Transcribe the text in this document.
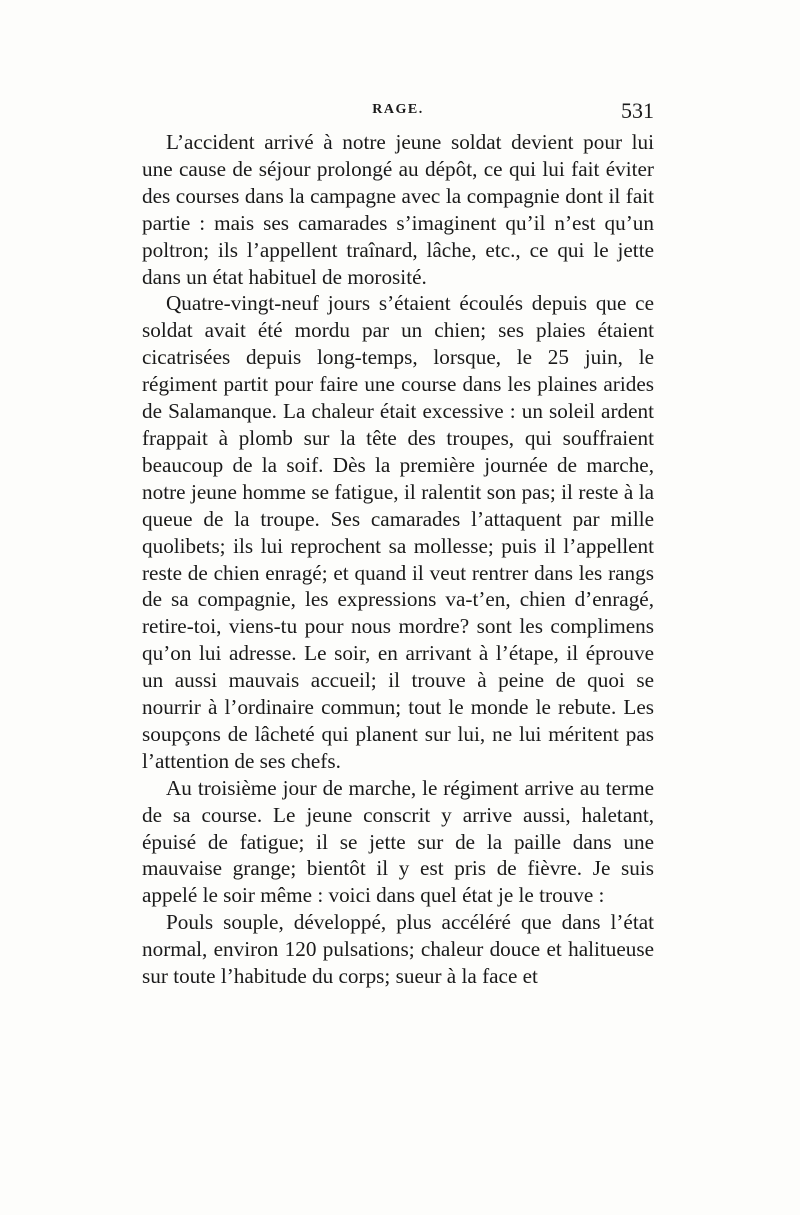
RAGE.	531

L’accident arrivé à notre jeune soldat devient pour lui une cause de séjour prolongé au dépôt, ce qui lui fait éviter des courses dans la campagne avec la compagnie dont il fait partie : mais ses camarades s’imaginent qu’il n’est qu’un poltron; ils l’appellent traînard, lâche, etc., ce qui le jette dans un état habituel de morosité.

Quatre-vingt-neuf jours s’étaient écoulés depuis que ce soldat avait été mordu par un chien; ses plaies étaient cicatrisées depuis long-temps, lorsque, le 25 juin, le régiment partit pour faire une course dans les plaines arides de Salamanque. La chaleur était excessive : un soleil ardent frappait à plomb sur la tête des troupes, qui souffraient beaucoup de la soif. Dès la première journée de marche, notre jeune homme se fatigue, il ralentit son pas; il reste à la queue de la troupe. Ses camarades l’attaquent par mille quolibets; ils lui reprochent sa mollesse; puis il l’appellent reste de chien enragé; et quand il veut rentrer dans les rangs de sa compagnie, les expressions va-t’en, chien d’enragé, retire-toi, viens-tu pour nous mordre? sont les complimens qu’on lui adresse. Le soir, en arrivant à l’étape, il éprouve un aussi mauvais accueil; il trouve à peine de quoi se nourrir à l’ordinaire commun; tout le monde le rebute. Les soupçons de lâcheté qui planent sur lui, ne lui méritent pas l’attention de ses chefs.

Au troisième jour de marche, le régiment arrive au terme de sa course. Le jeune conscrit y arrive aussi, haletant, épuisé de fatigue; il se jette sur de la paille dans une mauvaise grange; bientôt il y est pris de fièvre. Je suis appelé le soir même : voici dans quel état je le trouve :

Pouls souple, développé, plus accéléré que dans l’état normal, environ 120 pulsations; chaleur douce et halitueuse sur toute l’habitude du corps; sueur à la face et
